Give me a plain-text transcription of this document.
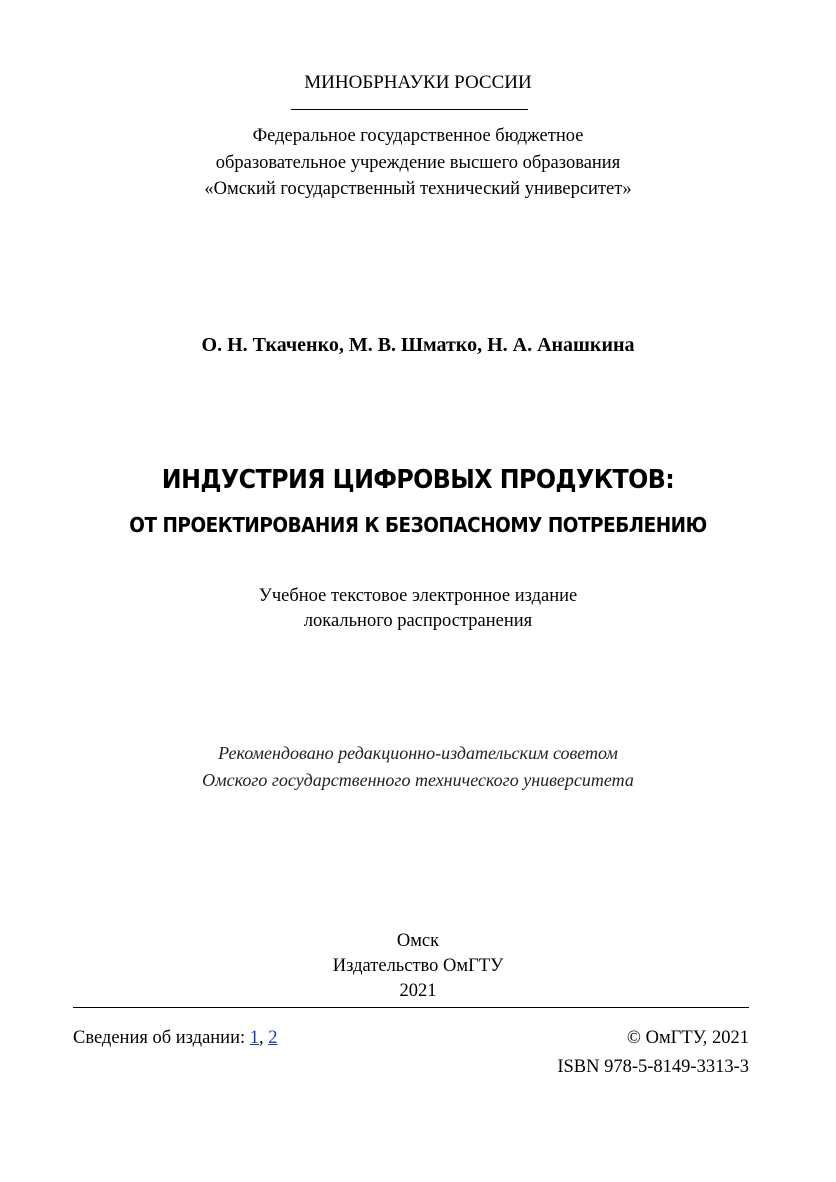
МИНОБРНАУКИ РОССИИ
Федеральное государственное бюджетное
образовательное учреждение высшего образования
«Омский государственный технический университет»
О. Н. Ткаченко, М. В. Шматко, Н. А. Анашкина
ИНДУСТРИЯ ЦИФРОВЫХ ПРОДУКТОВ:
ОТ ПРОЕКТИРОВАНИЯ К БЕЗОПАСНОМУ ПОТРЕБЛЕНИЮ
Учебное текстовое электронное издание
локального распространения
Рекомендовано редакционно-издательским советом
Омского государственного технического университета
Омск
Издательство ОмГТУ
2021
Сведения об издании: 1, 2	© ОмГТУ, 2021
ISBN 978-5-8149-3313-3
